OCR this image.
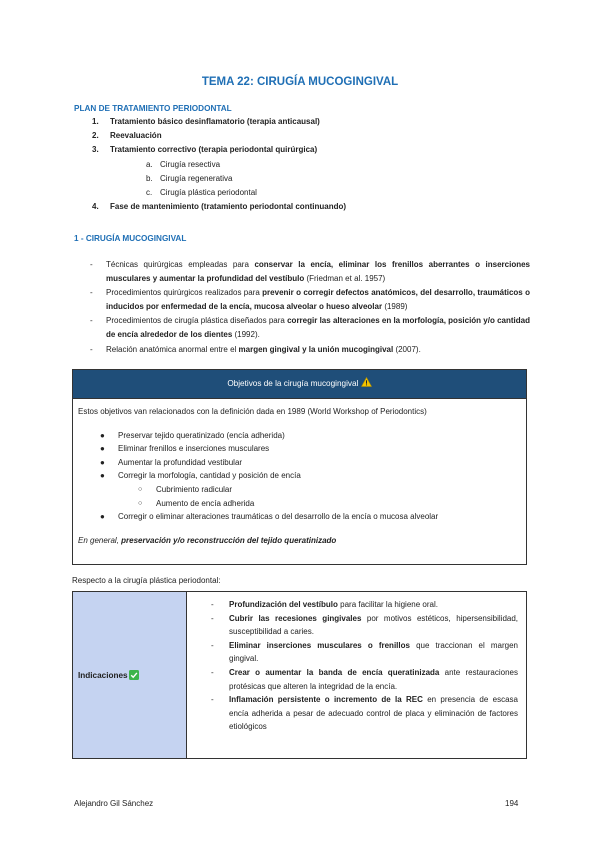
TEMA 22: CIRUGÍA MUCOGINGIVAL
PLAN DE TRATAMIENTO PERIODONTAL
1.	Tratamiento básico desinflamatorio (terapia anticausal)
2.	Reevaluación
3.	Tratamiento correctivo (terapia periodontal quirúrgica)
a. Cirugía resectiva
b. Cirugía regenerativa
c. Cirugía plástica periodontal
4.	Fase de mantenimiento (tratamiento periodontal continuando)
1 - CIRUGÍA MUCOGINGIVAL
- Técnicas quirúrgicas empleadas para conservar la encía, eliminar los frenillos aberrantes o inserciones musculares y aumentar la profundidad del vestíbulo (Friedman et al. 1957)
- Procedimientos quirúrgicos realizados para prevenir o corregir defectos anatómicos, del desarrollo, traumáticos o inducidos por enfermedad de la encía, mucosa alveolar o hueso alveolar (1989)
- Procedimientos de cirugía plástica diseñados para corregir las alteraciones en la morfología, posición y/o cantidad de encía alrededor de los dientes (1992).
- Relación anatómica anormal entre el margen gingival y la unión mucogingival (2007).
Objetivos de la cirugía mucogingival
Estos objetivos van relacionados con la definición dada en 1989 (World Workshop of Periodontics)
● Preservar tejido queratinizado (encía adherida)
● Eliminar frenillos e inserciones musculares
● Aumentar la profundidad vestibular
● Corregir la morfología, cantidad y posición de encía
○ Cubrimiento radicular
○ Aumento de encía adherida
● Corregir o eliminar alteraciones traumáticas o del desarrollo de la encía o mucosa alveolar
En general, preservación y/o reconstrucción del tejido queratinizado
Respecto a la cirugía plástica periodontal:
Indicaciones
- Profundización del vestíbulo para facilitar la higiene oral.
- Cubrir las recesiones gingivales por motivos estéticos, hipersensibilidad, susceptibilidad a caries.
- Eliminar inserciones musculares o frenillos que traccionan el margen gingival.
- Crear o aumentar la banda de encía queratinizada ante restauraciones protésicas que alteren la integridad de la encía.
- Inflamación persistente o incremento de la REC en presencia de escasa encía adherida a pesar de adecuado control de placa y eliminación de factores etiológicos
Alejandro Gil Sánchez	194
